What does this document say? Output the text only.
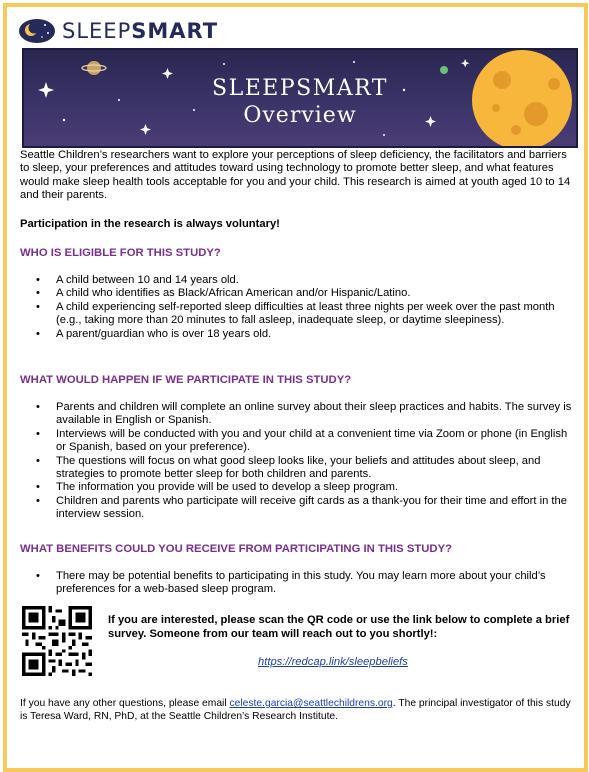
SLEEPSMART
SLEEPSMART
Overview
Seattle Children’s researchers want to explore your perceptions of sleep deficiency, the facilitators and barriers to sleep, your preferences and attitudes toward using technology to promote better sleep, and what features would make sleep health tools acceptable for you and your child. This research is aimed at youth aged 10 to 14 and their parents.
Participation in the research is always voluntary!
WHO IS ELIGIBLE FOR THIS STUDY?
• A child between 10 and 14 years old.
• A child who identifies as Black/African American and/or Hispanic/Latino.
• A child experiencing self-reported sleep difficulties at least three nights per week over the past month (e.g., taking more than 20 minutes to fall asleep, inadequate sleep, or daytime sleepiness).
• A parent/guardian who is over 18 years old.
WHAT WOULD HAPPEN IF WE PARTICIPATE IN THIS STUDY?
• Parents and children will complete an online survey about their sleep practices and habits. The survey is available in English or Spanish.
• Interviews will be conducted with you and your child at a convenient time via Zoom or phone (in English or Spanish, based on your preference).
• The questions will focus on what good sleep looks like, your beliefs and attitudes about sleep, and strategies to promote better sleep for both children and parents.
• The information you provide will be used to develop a sleep program.
• Children and parents who participate will receive gift cards as a thank-you for their time and effort in the interview session.
WHAT BENEFITS COULD YOU RECEIVE FROM PARTICIPATING IN THIS STUDY?
• There may be potential benefits to participating in this study. You may learn more about your child’s preferences for a web-based sleep program.
If you are interested, please scan the QR code or use the link below to complete a brief survey. Someone from our team will reach out to you shortly!:
https://redcap.link/sleepbeliefs
If you have any other questions, please email celeste.garcia@seattlechildrens.org. The principal investigator of this study is Teresa Ward, RN, PhD, at the Seattle Children’s Research Institute.
